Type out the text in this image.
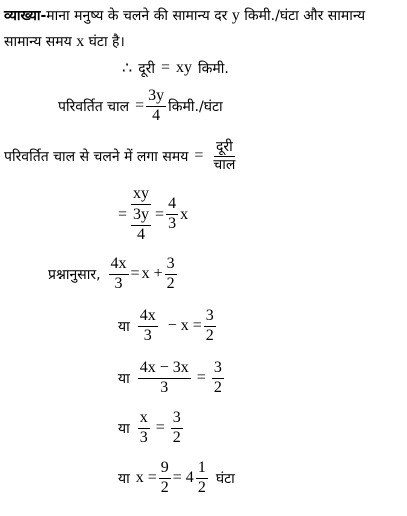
व्याख्या-माना मनुष्य के चलने की सामान्य दर y किमी./घंटा और सामान्य
सामान्य समय x घंटा है।
∴ दूरी = xy किमी.
परिवर्तित चाल = $\frac{3y}{4}$ किमी./घंटा
परिवर्तित चाल से चलने में लगा समय = $\frac{\text{दूरी}}{\text{चाल}}$
= $\frac{xy}{\frac{3y}{4}} = \frac{4}{3}$ x
प्रश्नानुसार, $\frac{4x}{3} = x + \frac{3}{2}$
या $\frac{4x}{3} - x = \frac{3}{2}$
या $\frac{4x - 3x}{3} = \frac{3}{2}$
या $\frac{x}{3} = \frac{3}{2}$
या $x = \frac{9}{2} = 4 \frac{1}{2}$ घंटा
